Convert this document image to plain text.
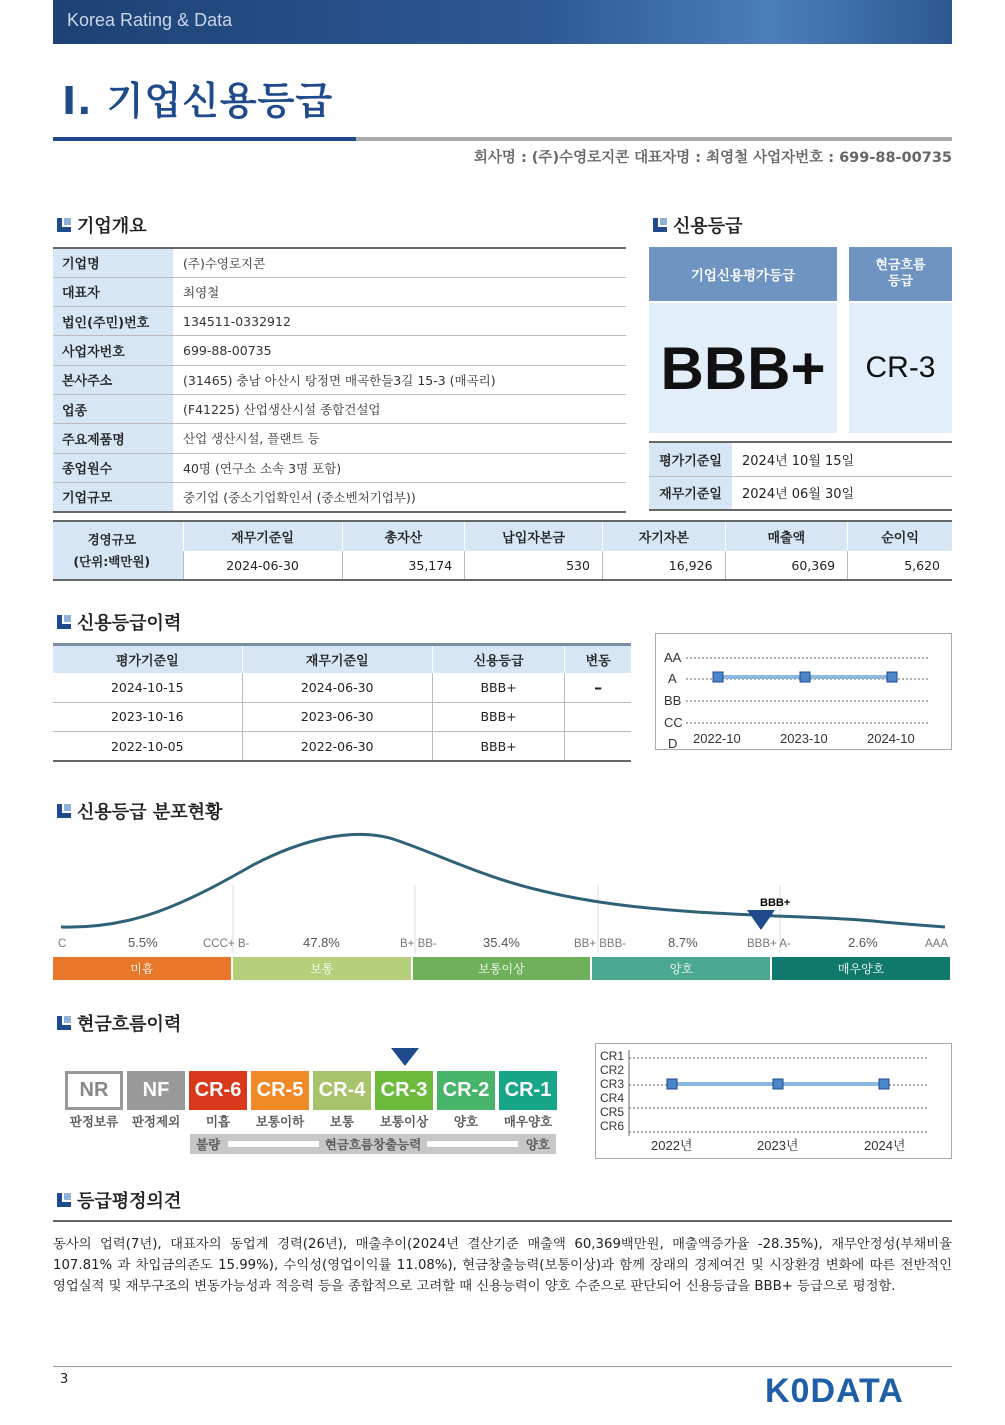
Korea Rating & Data
Ⅰ. 기업신용등급
회사명 : (주)수영로지콘 대표자명 : 최영철 사업자번호 : 699-88-00735
기업개요
기업명	(주)수영로지콘
대표자	최영철
법인(주민)번호	134511-0332912
사업자번호	699-88-00735
본사주소	(31465) 충남 아산시 탕정면 매곡한들3길 15-3 (매곡리)
업종	(F41225) 산업생산시설 종합건설업
주요제품명	산업 생산시설, 플랜트 등
종업원수	40명 (연구소 소속 3명 포함)
기업규모	중기업 (중소기업확인서 (중소벤처기업부))
신용등급
기업신용평가등급
현금흐름
등급
BBB+	CR-3
평가기준일	2024년 10월 15일
재무기준일	2024년 06월 30일
경영규모
(단위:백만원)	재무기준일	총자산	납입자본금	자기자본	매출액	순이익
	2024-06-30	35,174	530	16,926	60,369	5,620
신용등급이력
평가기준일	재무기준일	신용등급	변동
2024-10-15	2024-06-30	BBB+	–
2023-10-16	2023-06-30	BBB+	
2022-10-05	2022-06-30	BBB+	
AA
A
BB
CC
D 2022-10	2023-10	2024-10
신용등급 분포현황
BBB+
C	5.5%	CCC+ B-	47.8%	B+ BB-	35.4%	BB+ BBB-	8.7%	BBB+ A-	2.6%	AAA
미흡	보통	보통이상	양호	매우양호
현금흐름이력
NR
판정보류
NF
판정제외
CR-6
미흡
CR-5
보통이하
CR-4
보통
CR-3
보통이상
CR-2
양호
CR-1
매우양호
불량	현금흐름창출능력	양호
CR1
CR2
CR3
CR4
CR5
CR6
2022년	2023년	2024년
등급평정의견
동사의 업력(7년), 대표자의 동업계 경력(26년), 매출추이(2024년 결산기준 매출액 60,369백만원, 매출액증가율 -28.35%), 재무안정성(부채비율 107.81% 과 차입금의존도 15.99%), 수익성(영업이익률 11.08%), 현금창출능력(보통이상)과 함께 장래의 경제여건 및 시장환경 변화에 따른 전반적인 영업실적 및 재무구조의 변동가능성과 적응력 등을 종합적으로 고려할 때 신용능력이 양호 수준으로 판단되어 신용등급을 BBB+ 등급으로 평정함.
3	K0DATA
